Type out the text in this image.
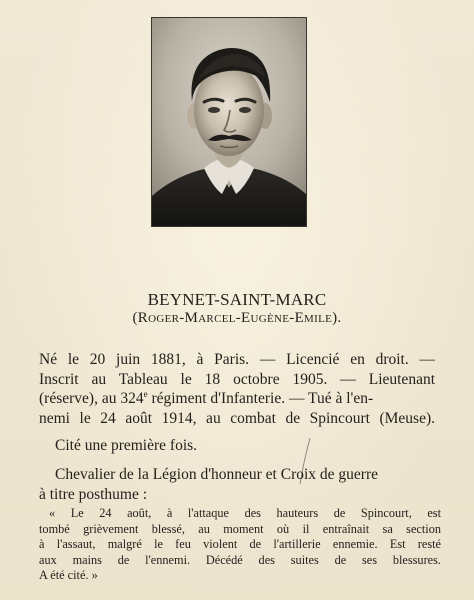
BEYNET-SAINT-MARC
(Roger-Marcel-Eugène-Emile).
Né le 20 juin 1881, à Paris. — Licencié en droit. —
Inscrit au Tableau le 18 octobre 1905. — Lieutenant
(réserve), au 324e régiment d'Infanterie. — Tué à l'en-
nemi le 24 août 1914, au combat de Spincourt (Meuse).
Cité une première fois.
Chevalier de la Légion d'honneur et Croix de guerre
à titre posthume :
« Le 24 août, à l'attaque des hauteurs de Spincourt, est
tombé grièvement blessé, au moment où il entraînait sa section
à l'assaut, malgré le feu violent de l'artillerie ennemie. Est resté
aux mains de l'ennemi. Décédé des suites de ses blessures.
A été cité. »
